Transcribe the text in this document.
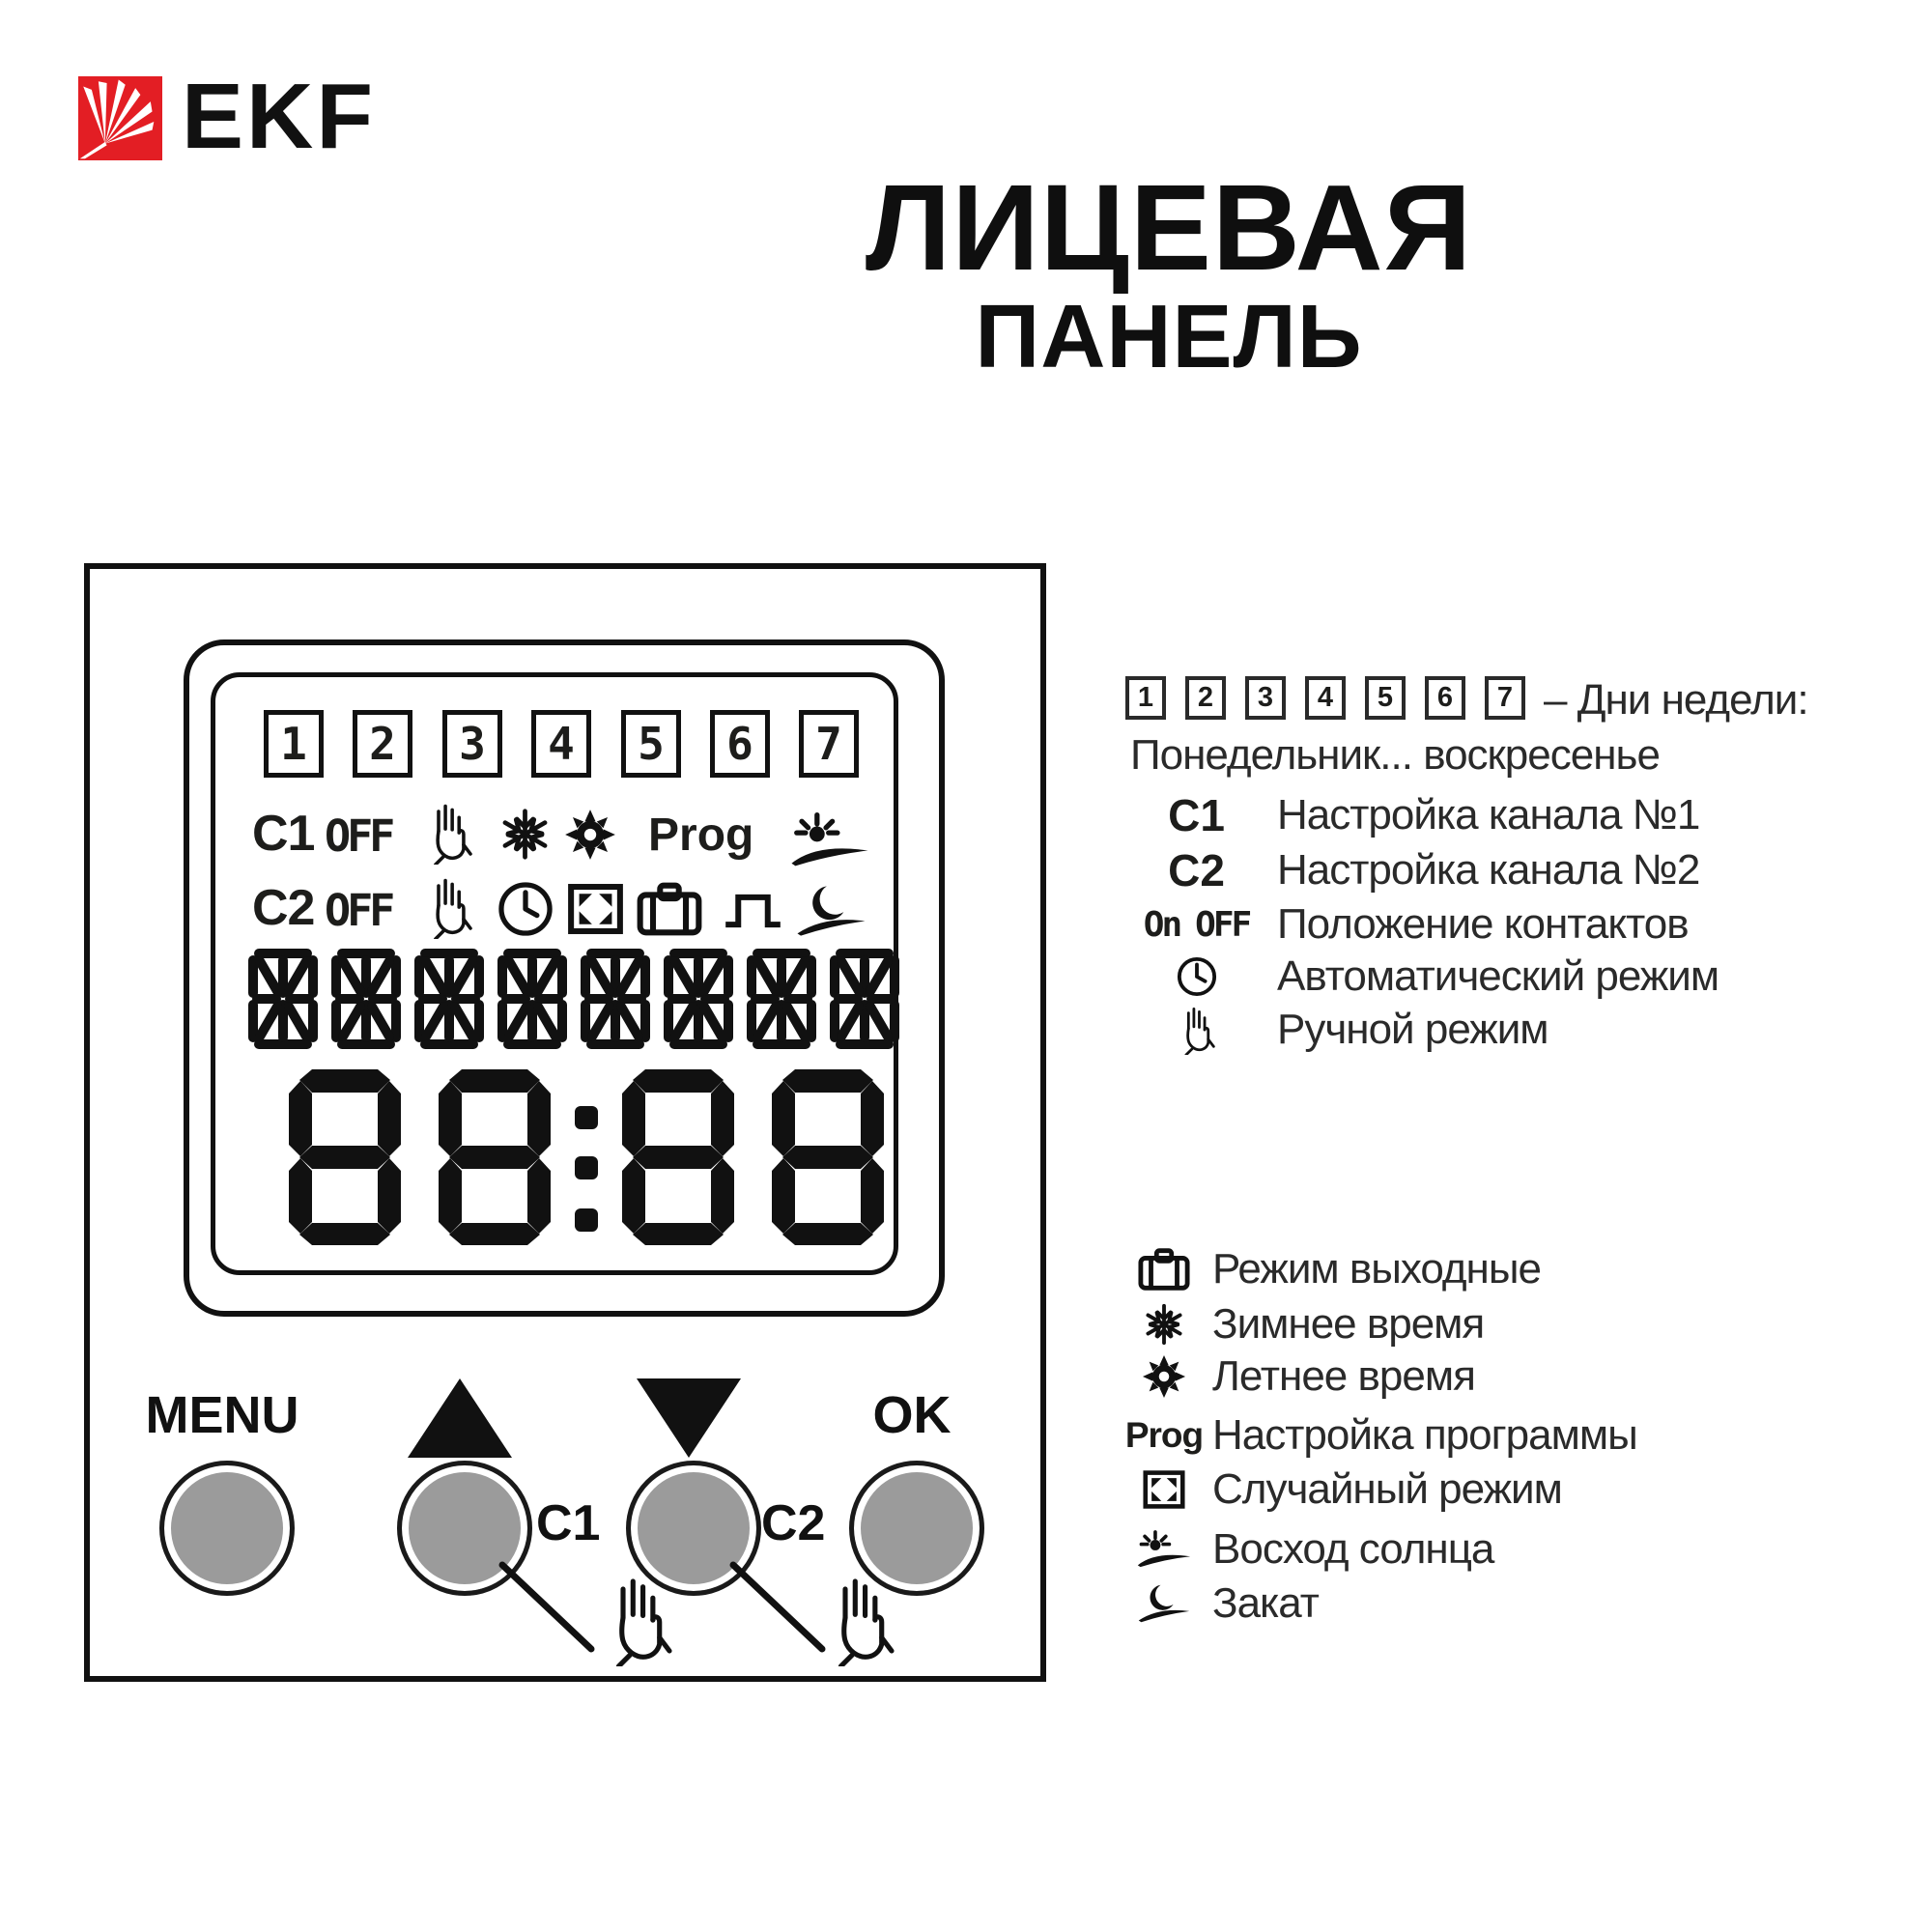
EKF
ЛИЦЕВАЯ
ПАНЕЛЬ
1 2 3 4 5 6 7
C1 OFF	Prog
C2 OFF
MENU	OK
C1	C2
1 2 3 4 5 6 7 – Дни недели:
Понедельник... воскресенье
C1 Настройка канала №1
C2 Настройка канала №2
On OFF Положение контактов
Автоматический режим
Ручной режим
Режим выходные
Зимнее время
Летнее время
Prog Настройка программы
Случайный режим
Восход солнца
Закат
